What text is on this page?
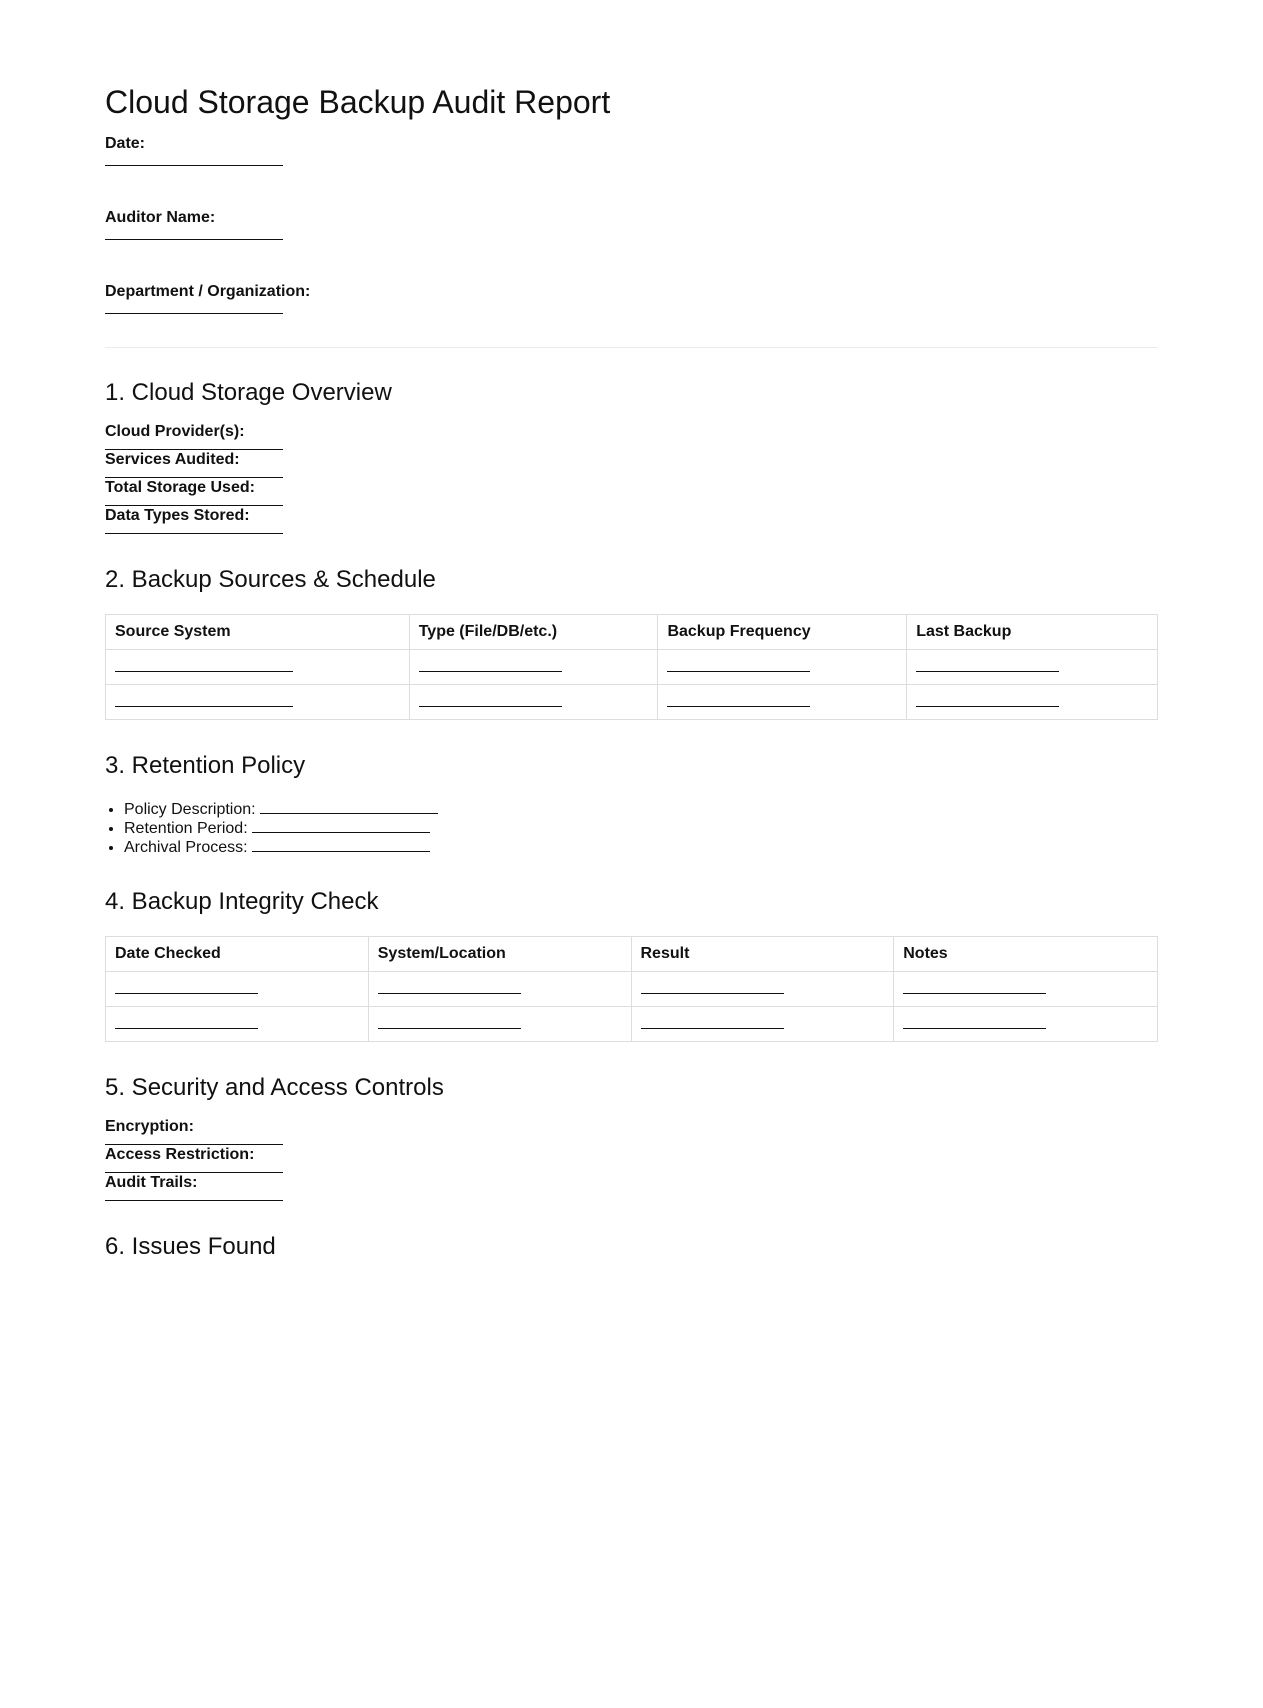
Cloud Storage Backup Audit Report
Date:
Auditor Name:
Department / Organization:
1. Cloud Storage Overview
Cloud Provider(s):
Services Audited:
Total Storage Used:
Data Types Stored:
2. Backup Sources & Schedule
Source System	Type (File/DB/etc.)	Backup Frequency	Last Backup

3. Retention Policy
• Policy Description:
• Retention Period:
• Archival Process:
4. Backup Integrity Check
Date Checked	System/Location	Result	Notes

5. Security and Access Controls
Encryption:
Access Restriction:
Audit Trails:
6. Issues Found
